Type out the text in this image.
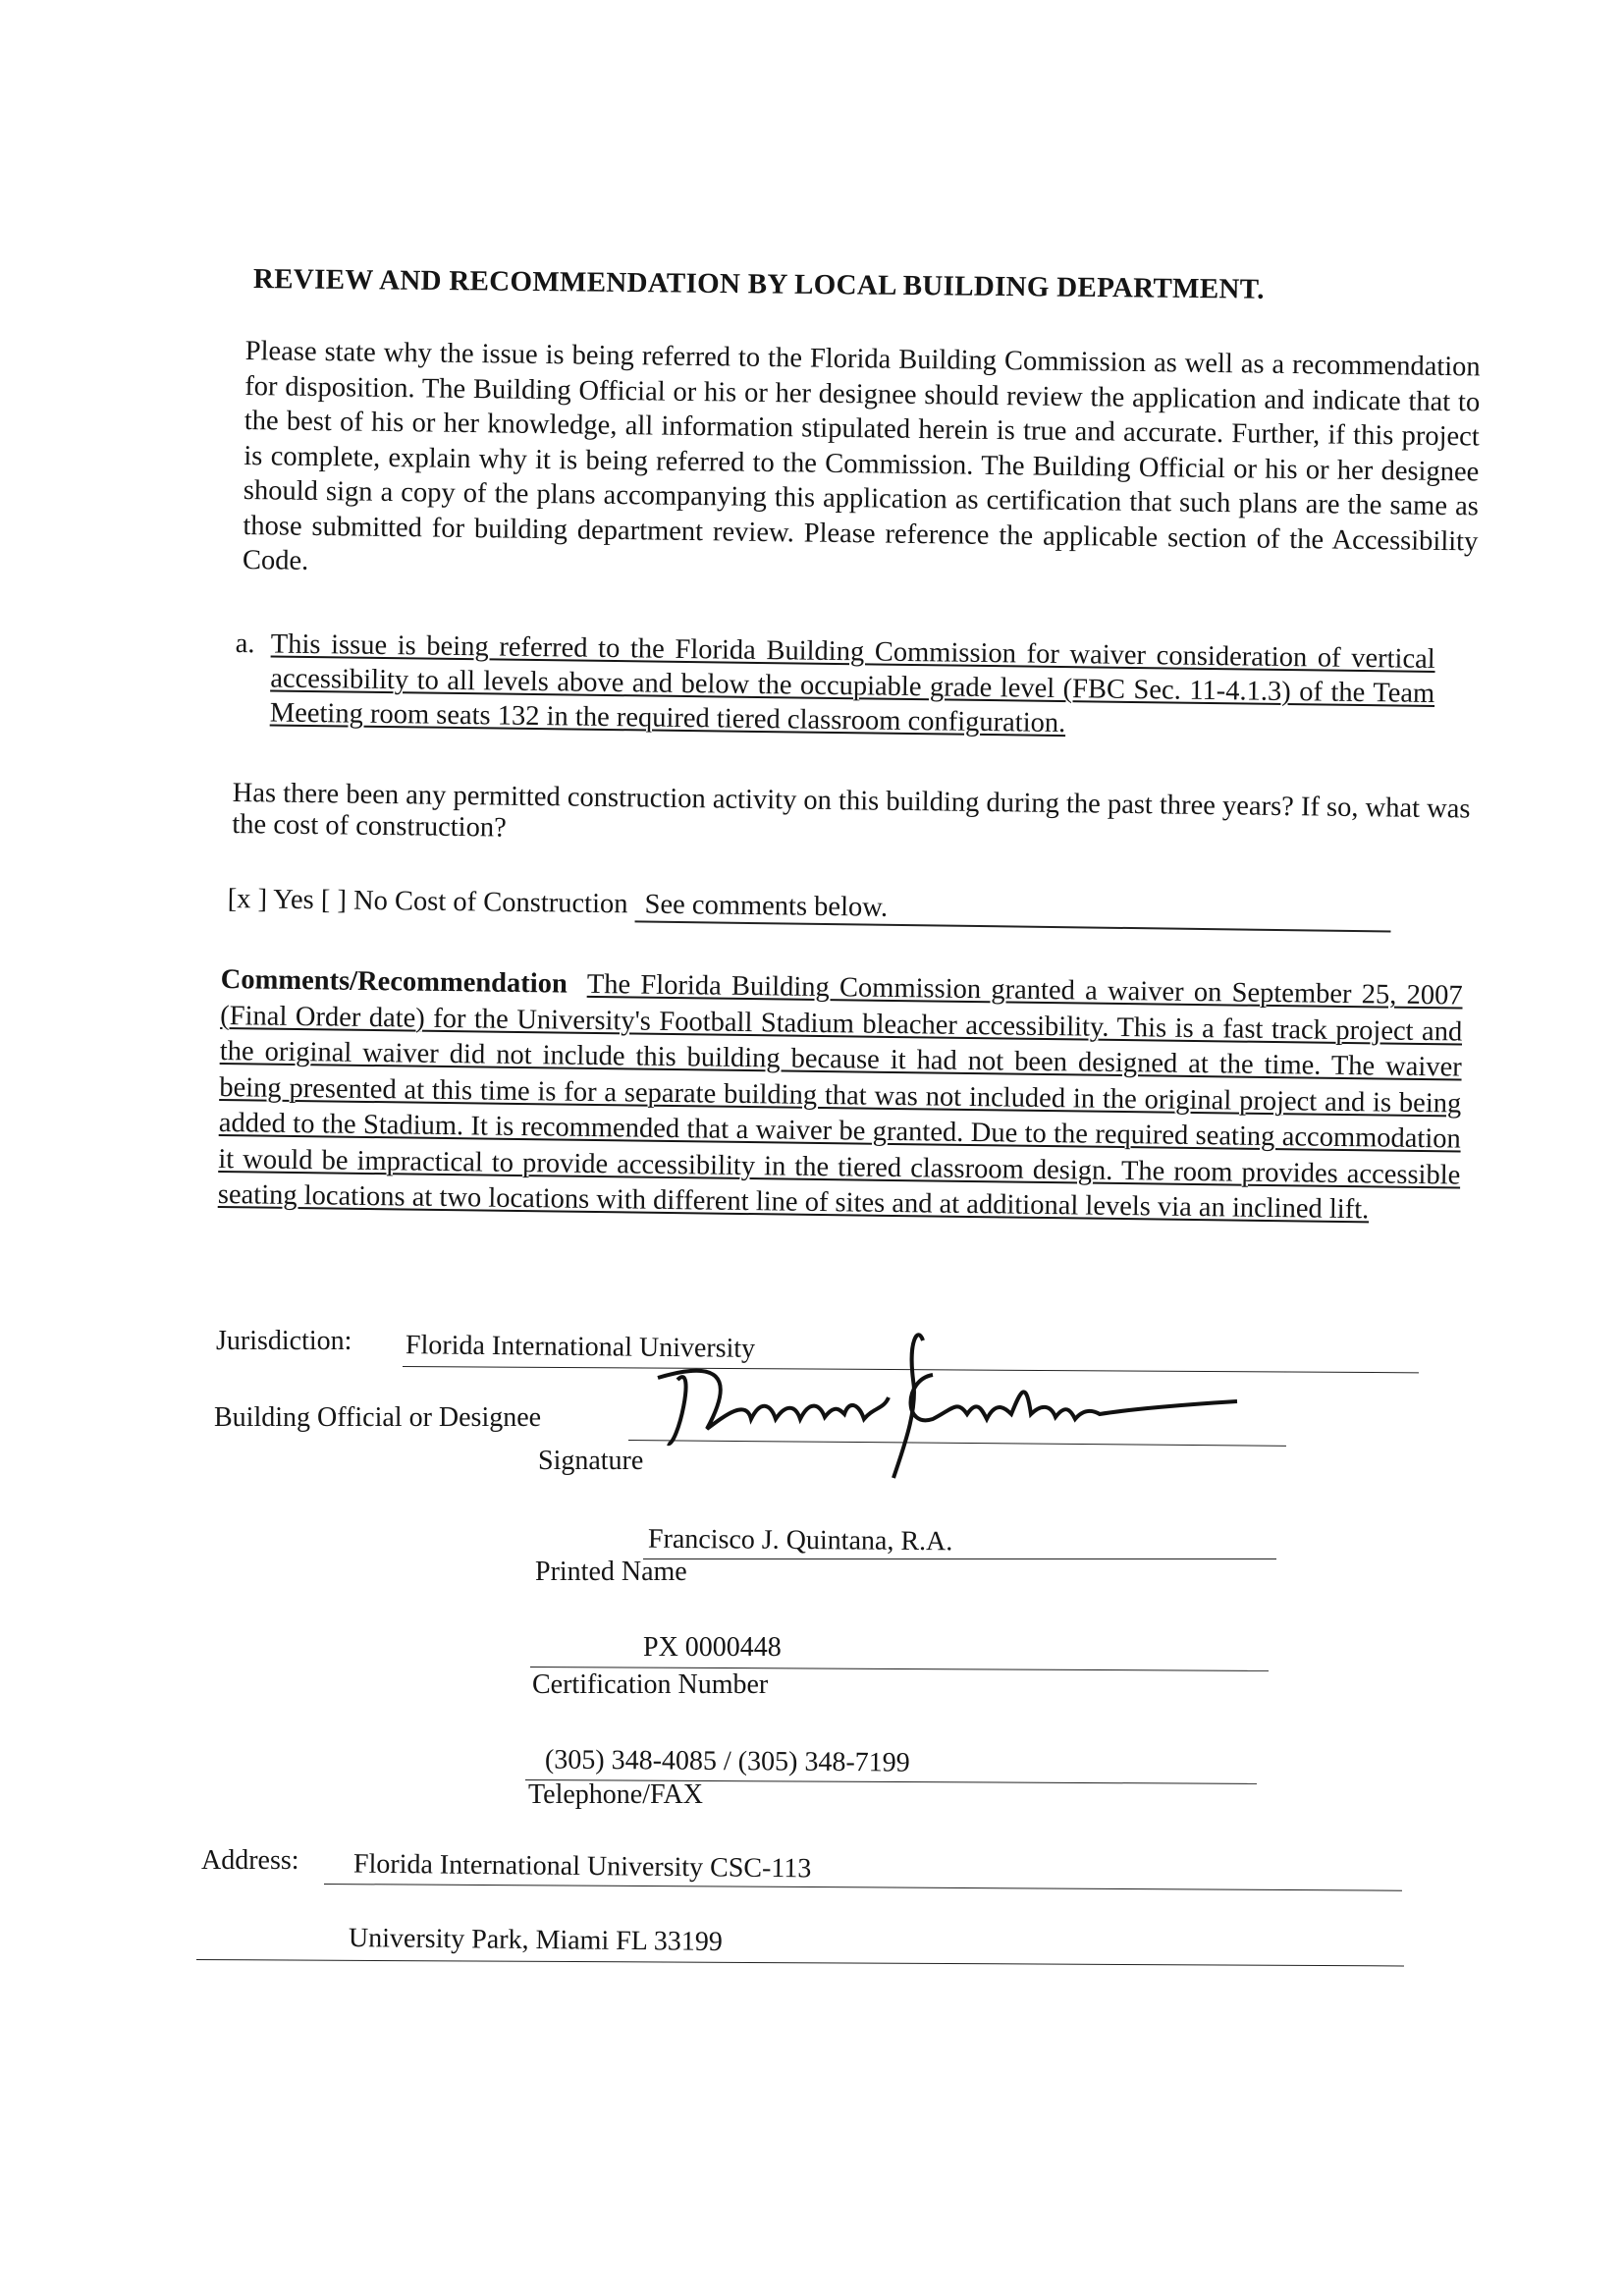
REVIEW AND RECOMMENDATION BY LOCAL BUILDING DEPARTMENT.
Please state why the issue is being referred to the Florida Building Commission as well as a recommendation for disposition. The Building Official or his or her designee should review the application and indicate that to the best of his or her knowledge, all information stipulated herein is true and accurate. Further, if this project is complete, explain why it is being referred to the Commission. The Building Official or his or her designee should sign a copy of the plans accompanying this application as certification that such plans are the same as those submitted for building department review. Please reference the applicable section of the Accessibility Code.
a. This issue is being referred to the Florida Building Commission for waiver consideration of vertical accessibility to all levels above and below the occupiable grade level (FBC Sec. 11-4.1.3) of the Team Meeting room seats 132 in the required tiered classroom configuration.
Has there been any permitted construction activity on this building during the past three years? If so, what was the cost of construction?
[x ] Yes [ ] No Cost of Construction See comments below.
Comments/Recommendation The Florida Building Commission granted a waiver on September 25, 2007 (Final Order date) for the University's Football Stadium bleacher accessibility. This is a fast track project and the original waiver did not include this building because it had not been designed at the time. The waiver being presented at this time is for a separate building that was not included in the original project and is being added to the Stadium. It is recommended that a waiver be granted. Due to the required seating accommodation it would be impractical to provide accessibility in the tiered classroom design. The room provides accessible seating locations at two locations with different line of sites and at additional levels via an inclined lift.
Jurisdiction: Florida International University
Building Official or Designee
Signature
Francisco J. Quintana, R.A.
Printed Name
PX 0000448
Certification Number
(305) 348-4085 / (305) 348-7199
Telephone/FAX
Address: Florida International University CSC-113
University Park, Miami FL 33199
